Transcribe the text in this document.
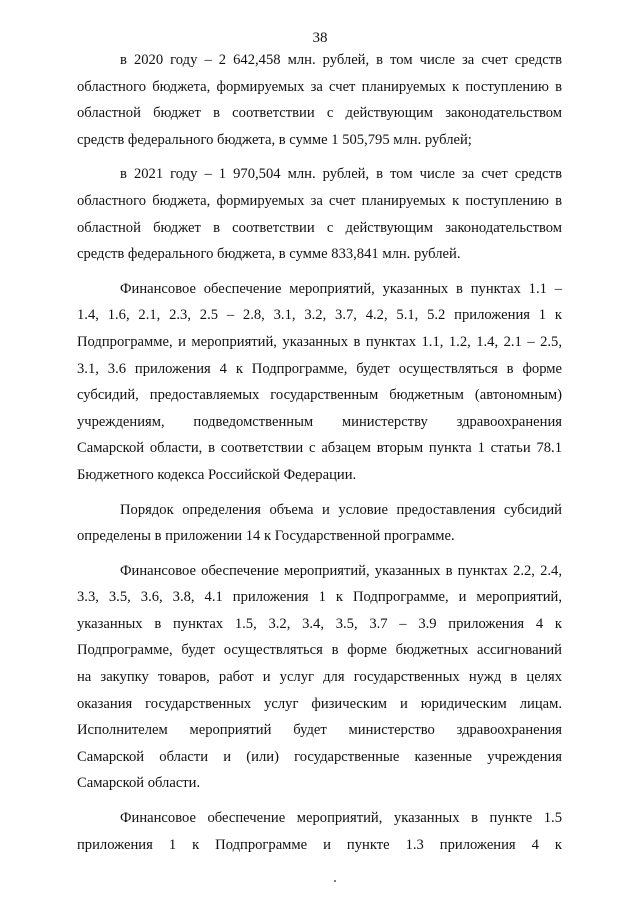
38

в 2020 году – 2 642,458 млн. рублей, в том числе за счет средств
областного бюджета, формируемых за счет планируемых к поступлению в
областной бюджет в соответствии с действующим законодательством
средств федерального бюджета, в сумме 1 505,795 млн. рублей;

в 2021 году – 1 970,504 млн. рублей, в том числе за счет средств
областного бюджета, формируемых за счет планируемых к поступлению в
областной бюджет в соответствии с действующим законодательством
средств федерального бюджета, в сумме 833,841 млн. рублей.

Финансовое обеспечение мероприятий, указанных в пунктах 1.1 –
1.4, 1.6, 2.1, 2.3, 2.5 – 2.8, 3.1, 3.2, 3.7, 4.2, 5.1, 5.2 приложения 1 к
Подпрограмме, и мероприятий, указанных в пунктах 1.1, 1.2, 1.4, 2.1 – 2.5,
3.1, 3.6 приложения 4 к Подпрограмме, будет осуществляться в форме
субсидий, предоставляемых государственным бюджетным (автономным)
учреждениям, подведомственным министерству здравоохранения
Самарской области, в соответствии с абзацем вторым пункта 1 статьи 78.1
Бюджетного кодекса Российской Федерации.

Порядок определения объема и условие предоставления субсидий
определены в приложении 14 к Государственной программе.

Финансовое обеспечение мероприятий, указанных в пунктах 2.2, 2.4,
3.3, 3.5, 3.6, 3.8, 4.1 приложения 1 к Подпрограмме, и мероприятий,
указанных в пунктах 1.5, 3.2, 3.4, 3.5, 3.7 – 3.9 приложения 4 к
Подпрограмме, будет осуществляться в форме бюджетных ассигнований
на закупку товаров, работ и услуг для государственных нужд в целях
оказания государственных услуг физическим и юридическим лицам.
Исполнителем мероприятий будет министерство здравоохранения
Самарской области и (или) государственные казенные учреждения
Самарской области.

Финансовое обеспечение мероприятий, указанных в пункте 1.5
приложения 1 к Подпрограмме и пункте 1.3 приложения 4 к
